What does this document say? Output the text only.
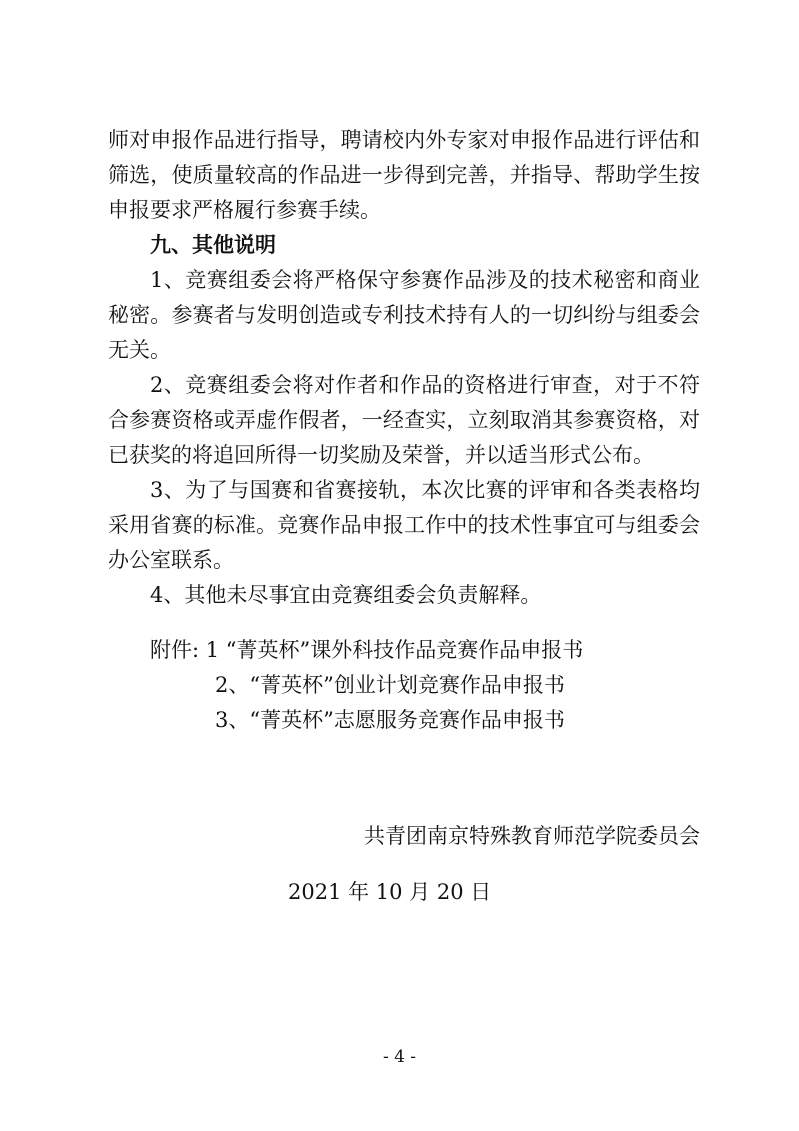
师对申报作品进行指导，聘请校内外专家对申报作品进行评估和
筛选，使质量较高的作品进一步得到完善，并指导、帮助学生按
申报要求严格履行参赛手续。
九、其他说明
1、竞赛组委会将严格保守参赛作品涉及的技术秘密和商业
秘密。参赛者与发明创造或专利技术持有人的一切纠纷与组委会
无关。
2、竞赛组委会将对作者和作品的资格进行审查，对于不符
合参赛资格或弄虚作假者，一经查实，立刻取消其参赛资格，对
已获奖的将追回所得一切奖励及荣誉，并以适当形式公布。
3、为了与国赛和省赛接轨，本次比赛的评审和各类表格均
采用省赛的标准。竞赛作品申报工作中的技术性事宜可与组委会
办公室联系。
4、其他未尽事宜由竞赛组委会负责解释。
附件: 1 “菁英杯”课外科技作品竞赛作品申报书
2、“菁英杯”创业计划竞赛作品申报书
3、“菁英杯”志愿服务竞赛作品申报书
共青团南京特殊教育师范学院委员会
2021 年 10 月 20 日
- 4 -
